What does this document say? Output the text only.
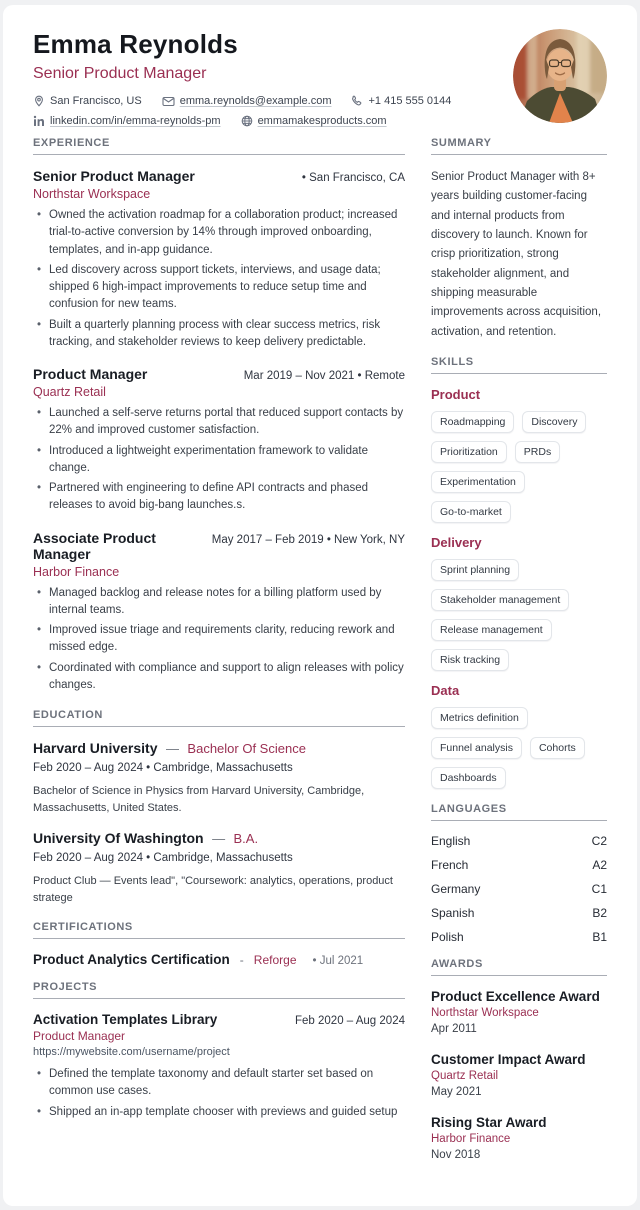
Emma Reynolds
Senior Product Manager
San Francisco, US	emma.reynolds@example.com	+1 415 555 0144
linkedin.com/in/emma-reynolds-pm	emmamakesproducts.com
EXPERIENCE
Senior Product Manager	• San Francisco, CA
Northstar Workspace
• Owned the activation roadmap for a collaboration product; increased trial-to-active conversion by 14% through improved onboarding, templates, and in-app guidance.
• Led discovery across support tickets, interviews, and usage data; shipped 6 high-impact improvements to reduce setup time and confusion for new teams.
• Built a quarterly planning process with clear success metrics, risk tracking, and stakeholder reviews to keep delivery predictable.
Product Manager	Mar 2019 – Nov 2021 • Remote
Quartz Retail
• Launched a self-serve returns portal that reduced support contacts by 22% and improved customer satisfaction.
• Introduced a lightweight experimentation framework to validate change.
• Partnered with engineering to define API contracts and phased releases to avoid big-bang launches.s.
Associate Product Manager
May 2017 – Feb 2019 • New York, NY
Harbor Finance
• Managed backlog and release notes for a billing platform used by internal teams.
• Improved issue triage and requirements clarity, reducing rework and missed edge.
• Coordinated with compliance and support to align releases with policy changes.
EDUCATION
Harvard University — Bachelor Of Science
Feb 2020 – Aug 2024 • Cambridge, Massachusetts
Bachelor of Science in Physics from Harvard University, Cambridge, Massachusetts, United States.
University Of Washington — B.A.
Feb 2020 – Aug 2024 • Cambridge, Massachusetts
Product Club — Events lead", "Coursework: analytics, operations, product stratege
CERTIFICATIONS
Product Analytics Certification - Reforge • Jul 2021
PROJECTS
Activation Templates Library	Feb 2020 – Aug 2024
Product Manager
https://mywebsite.com/username/project
• Defined the template taxonomy and default starter set based on common use cases.
• Shipped an in-app template chooser with previews and guided setup
SUMMARY

Senior Product Manager with 8+ years building customer-facing and internal products from discovery to launch. Known for crisp prioritization, strong stakeholder alignment, and shipping measurable improvements across acquisition, activation, and retention.

SKILLS
Product
Roadmapping	Discovery
Prioritization	PRDs
Experimentation
Go-to-market
Delivery
Sprint planning
Stakeholder management
Release management
Risk tracking
Data
Metrics definition
Funnel analysis	Cohorts
Dashboards
LANGUAGES
English	C2
French	A2
Germany	C1
Spanish	B2
Polish	B1
AWARDS
Product Excellence Award
Northstar Workspace
Apr 2011
Customer Impact Award
Quartz Retail
May 2021
Rising Star Award
Harbor Finance
Nov 2018
